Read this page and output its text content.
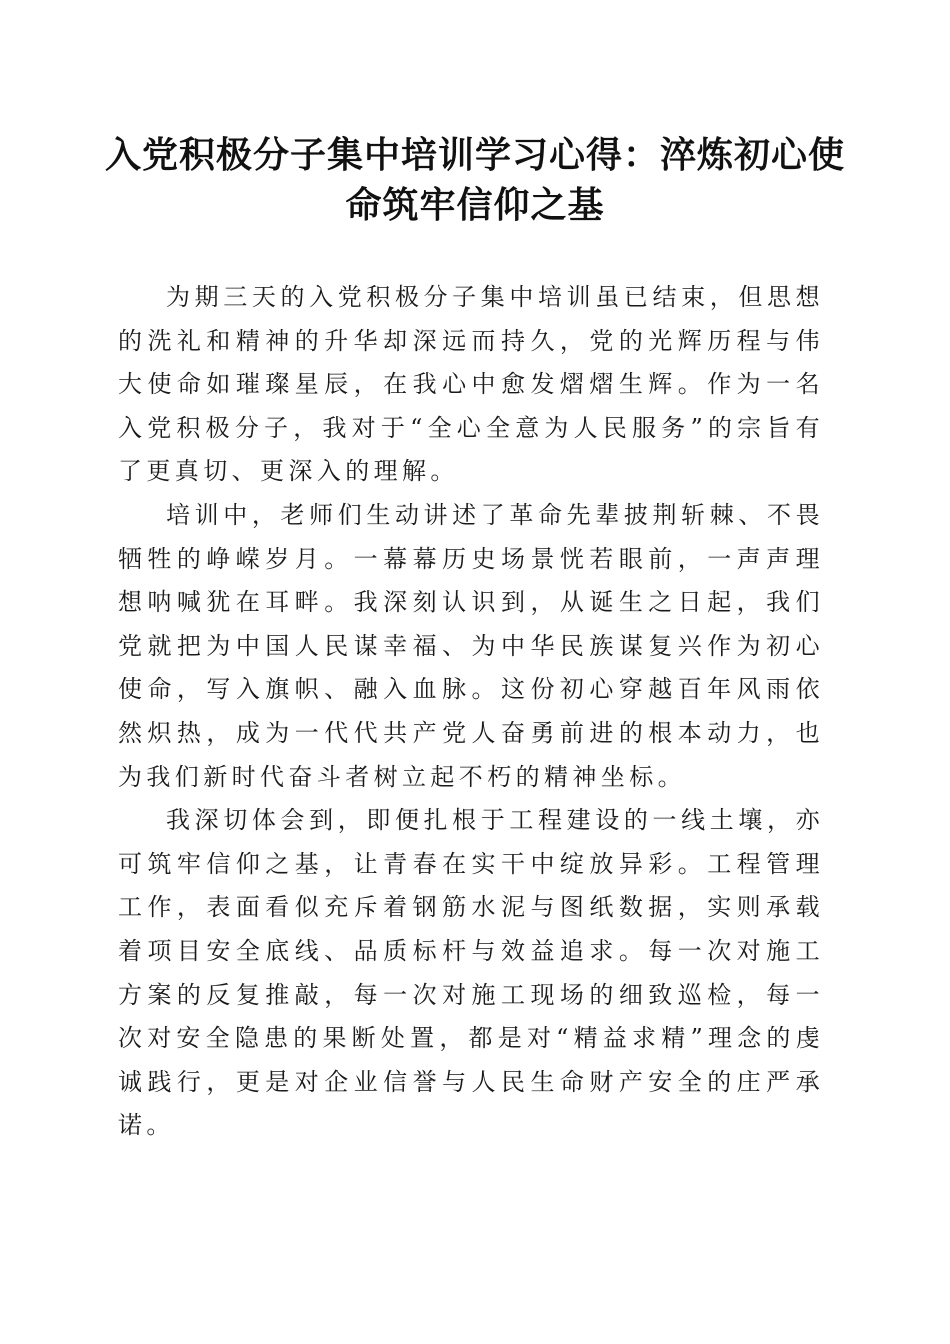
入党积极分子集中培训学习心得：淬炼初心使
命筑牢信仰之基

为期三天的入党积极分子集中培训虽已结束，但思想的洗礼和精神的升华却深远而持久，党的光辉历程与伟大使命如璀璨星辰，在我心中愈发熠熠生辉。作为一名入党积极分子，我对于“全心全意为人民服务”的宗旨有了更真切、更深入的理解。

培训中，老师们生动讲述了革命先辈披荆斩棘、不畏牺牲的峥嵘岁月。一幕幕历史场景恍若眼前，一声声理想呐喊犹在耳畔。我深刻认识到，从诞生之日起，我们党就把为中国人民谋幸福、为中华民族谋复兴作为初心使命，写入旗帜、融入血脉。这份初心穿越百年风雨依然炽热，成为一代代共产党人奋勇前进的根本动力，也为我们新时代奋斗者树立起不朽的精神坐标。

我深切体会到，即便扎根于工程建设的一线土壤，亦可筑牢信仰之基，让青春在实干中绽放异彩。工程管理工作，表面看似充斥着钢筋水泥与图纸数据，实则承载着项目安全底线、品质标杆与效益追求。每一次对施工方案的反复推敲，每一次对施工现场的细致巡检，每一次对安全隐患的果断处置，都是对“精益求精”理念的虔诚践行，更是对企业信誉与人民生命财产安全的庄严承诺。
